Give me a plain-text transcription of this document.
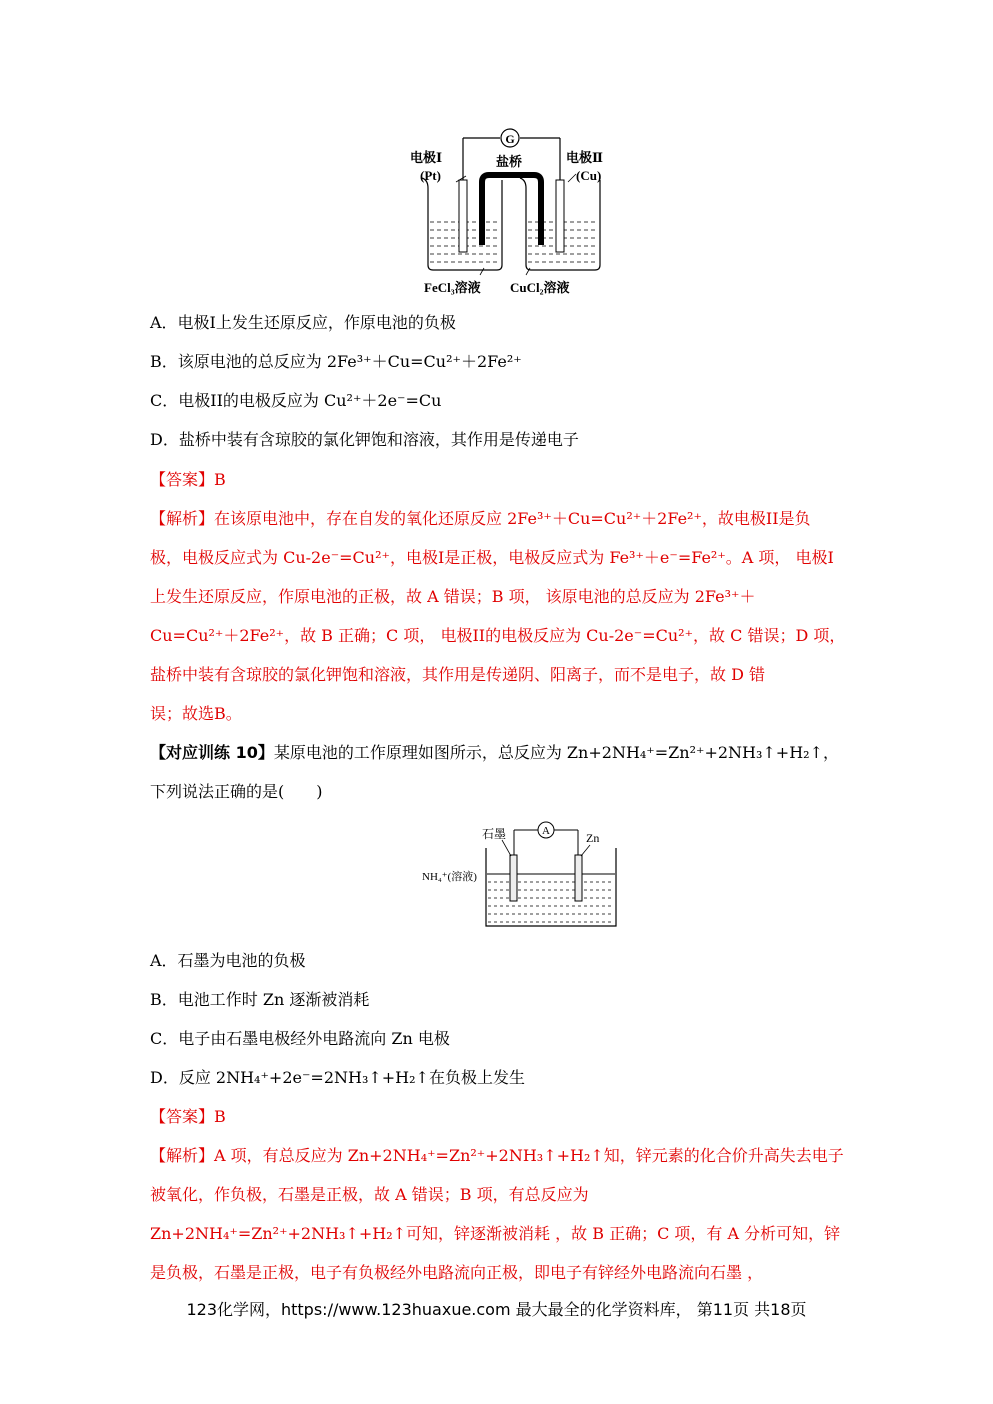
G
电极Ⅰ
(Pt)
盐桥	电极Ⅱ
(Cu)
FeCl₃溶液 CuCl₂溶液
A．电极I上发生还原反应，作原电池的负极
B．该原电池的总反应为 2Fe³⁺＋Cu=Cu²⁺＋2Fe²⁺
C．电极II的电极反应为 Cu²⁺＋2e⁻=Cu
D．盐桥中装有含琼胶的氯化钾饱和溶液，其作用是传递电子
【答案】B
【解析】在该原电池中，存在自发的氧化还原反应 2Fe³⁺＋Cu=Cu²⁺＋2Fe²⁺，故电极II是负
极，电极反应式为 Cu-2e⁻=Cu²⁺，电极I是正极，电极反应式为 Fe³⁺＋e⁻=Fe²⁺。A 项， 电极I
上发生还原反应，作原电池的正极，故 A 错误；B 项， 该原电池的总反应为 2Fe³⁺＋
Cu=Cu²⁺＋2Fe²⁺，故 B 正确；C 项， 电极II的电极反应为 Cu-2e⁻=Cu²⁺，故 C 错误；D 项，
盐桥中装有含琼胶的氯化钾饱和溶液，其作用是传递阴、阳离子，而不是电子，故 D 错
误；故选B。
【对应训练 10】某原电池的工作原理如图所示，总反应为 Zn+2NH₄⁺=Zn²⁺+2NH₃↑+H₂↑，
下列说法正确的是(　　)
A
石墨	Zn
NH₄⁺(溶液)
A．石墨为电池的负极
B．电池工作时 Zn 逐渐被消耗
C．电子由石墨电极经外电路流向 Zn 电极
D．反应 2NH₄⁺+2e⁻=2NH₃↑+H₂↑在负极上发生
【答案】B
【解析】A 项，有总反应为 Zn+2NH₄⁺=Zn²⁺+2NH₃↑+H₂↑知，锌元素的化合价升高失去电子
被氧化，作负极，石墨是正极，故 A 错误；B 项，有总反应为
Zn+2NH₄⁺=Zn²⁺+2NH₃↑+H₂↑可知，锌逐渐被消耗 ，故 B 正确；C 项，有 A 分析可知，锌
是负极，石墨是正极，电子有负极经外电路流向正极，即电子有锌经外电路流向石墨 ，
123化学网，https://www.123huaxue.com 最大最全的化学资料库， 第11页 共18页
